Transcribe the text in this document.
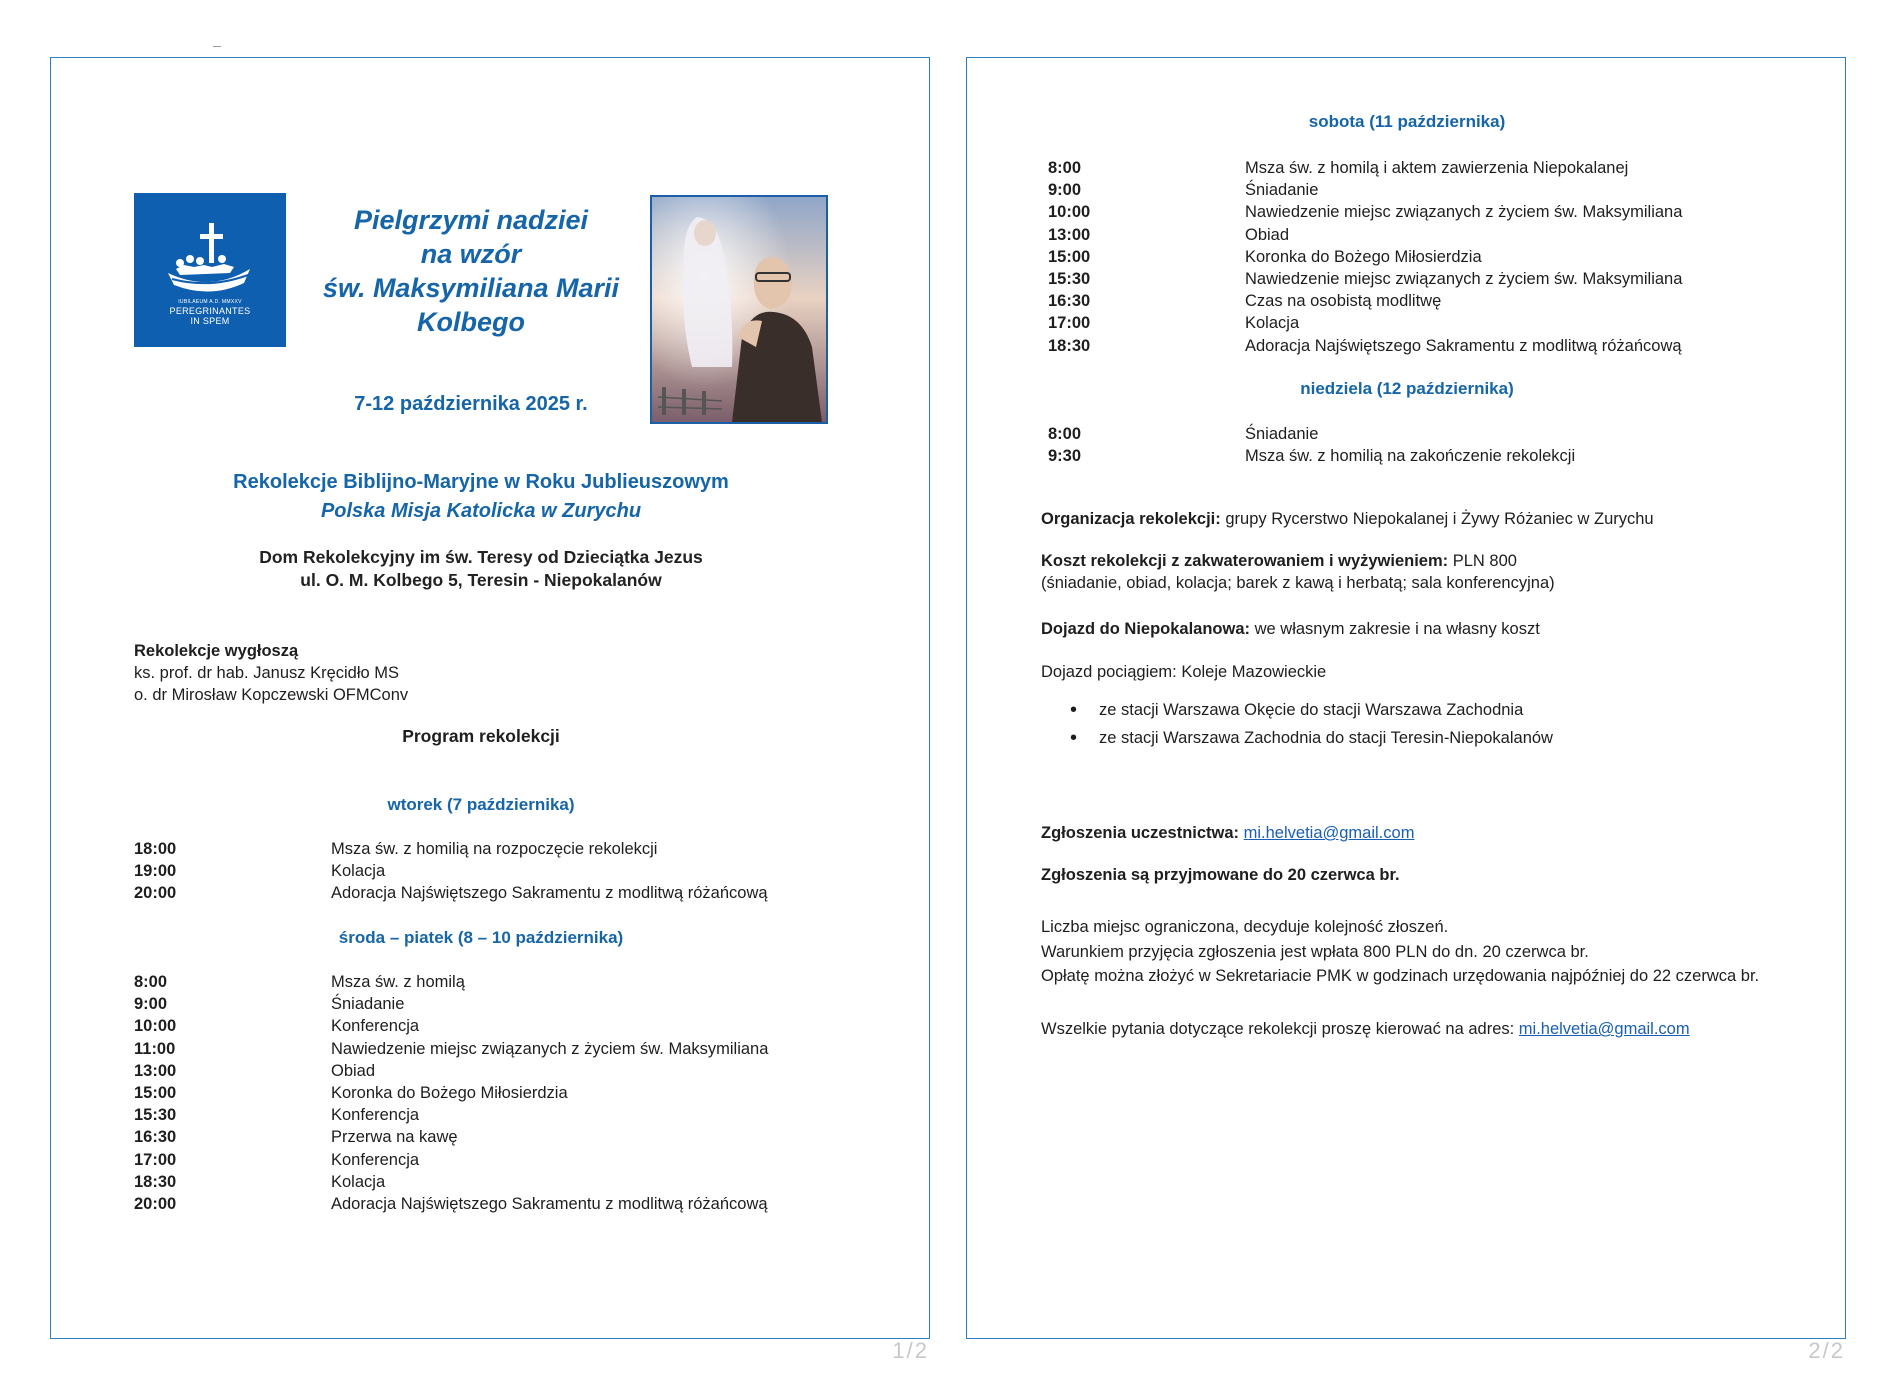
IUBILAEUM A.D. MMXXV
PEREGRINANTES
IN SPEM
Pielgrzymi nadziei
na wzór
św. Maksymiliana Marii
Kolbego
7-12 października 2025 r.
Rekolekcje Biblijno-Maryjne w Roku Jublieuszowym
Polska Misja Katolicka w Zurychu
Dom Rekolekcyjny im św. Teresy od Dzieciątka Jezus
ul. O. M. Kolbego 5, Teresin - Niepokalanów
Rekolekcje wygłoszą
ks. prof. dr hab. Janusz Kręcidło MS
o. dr Mirosław Kopczewski OFMConv
Program rekolekcji
wtorek (7 października)
18:00	Msza św. z homilią na rozpoczęcie rekolekcji
19:00	Kolacja
20:00	Adoracja Najświętszego Sakramentu z modlitwą różańcową
środa – piatek (8 – 10 października)
8:00	Msza św. z homilą
9:00	Śniadanie
10:00	Konferencja
11:00	Nawiedzenie miejsc związanych z życiem św. Maksymiliana
13:00	Obiad
15:00	Koronka do Bożego Miłosierdzia
15:30	Konferencja
16:30	Przerwa na kawę
17:00	Konferencja
18:30	Kolacja
20:00	Adoracja Najświętszego Sakramentu z modlitwą różańcową
1/2
sobota (11 października)
8:00	Msza św. z homilą i aktem zawierzenia Niepokalanej
9:00	Śniadanie
10:00	Nawiedzenie miejsc związanych z życiem św. Maksymiliana
13:00	Obiad
15:00	Koronka do Bożego Miłosierdzia
15:30	Nawiedzenie miejsc związanych z życiem św. Maksymiliana
16:30	Czas na osobistą modlitwę
17:00	Kolacja
18:30	Adoracja Najświętszego Sakramentu z modlitwą różańcową
niedziela (12 października)
8:00	Śniadanie
9:30	Msza św. z homilią na zakończenie rekolekcji
Organizacja rekolekcji: grupy Rycerstwo Niepokalanej i Żywy Różaniec w Zurychu
Koszt rekolekcji z zakwaterowaniem i wyżywieniem: PLN 800
(śniadanie, obiad, kolacja; barek z kawą i herbatą; sala konferencyjna)
Dojazd do Niepokalanowa: we własnym zakresie i na własny koszt
Dojazd pociągiem: Koleje Mazowieckie
• ze stacji Warszawa Okęcie do stacji Warszawa Zachodnia
• ze stacji Warszawa Zachodnia do stacji Teresin-Niepokalanów
Zgłoszenia uczestnictwa: mi.helvetia@gmail.com
Zgłoszenia są przyjmowane do 20 czerwca br.
Liczba miejsc ograniczona, decyduje kolejność złoszeń.
Warunkiem przyjęcia zgłoszenia jest wpłata 800 PLN do dn. 20 czerwca br.
Opłatę można złożyć w Sekretariacie PMK w godzinach urzędowania najpóźniej do 22 czerwca br.
Wszelkie pytania dotyczące rekolekcji proszę kierować na adres: mi.helvetia@gmail.com
2/2
